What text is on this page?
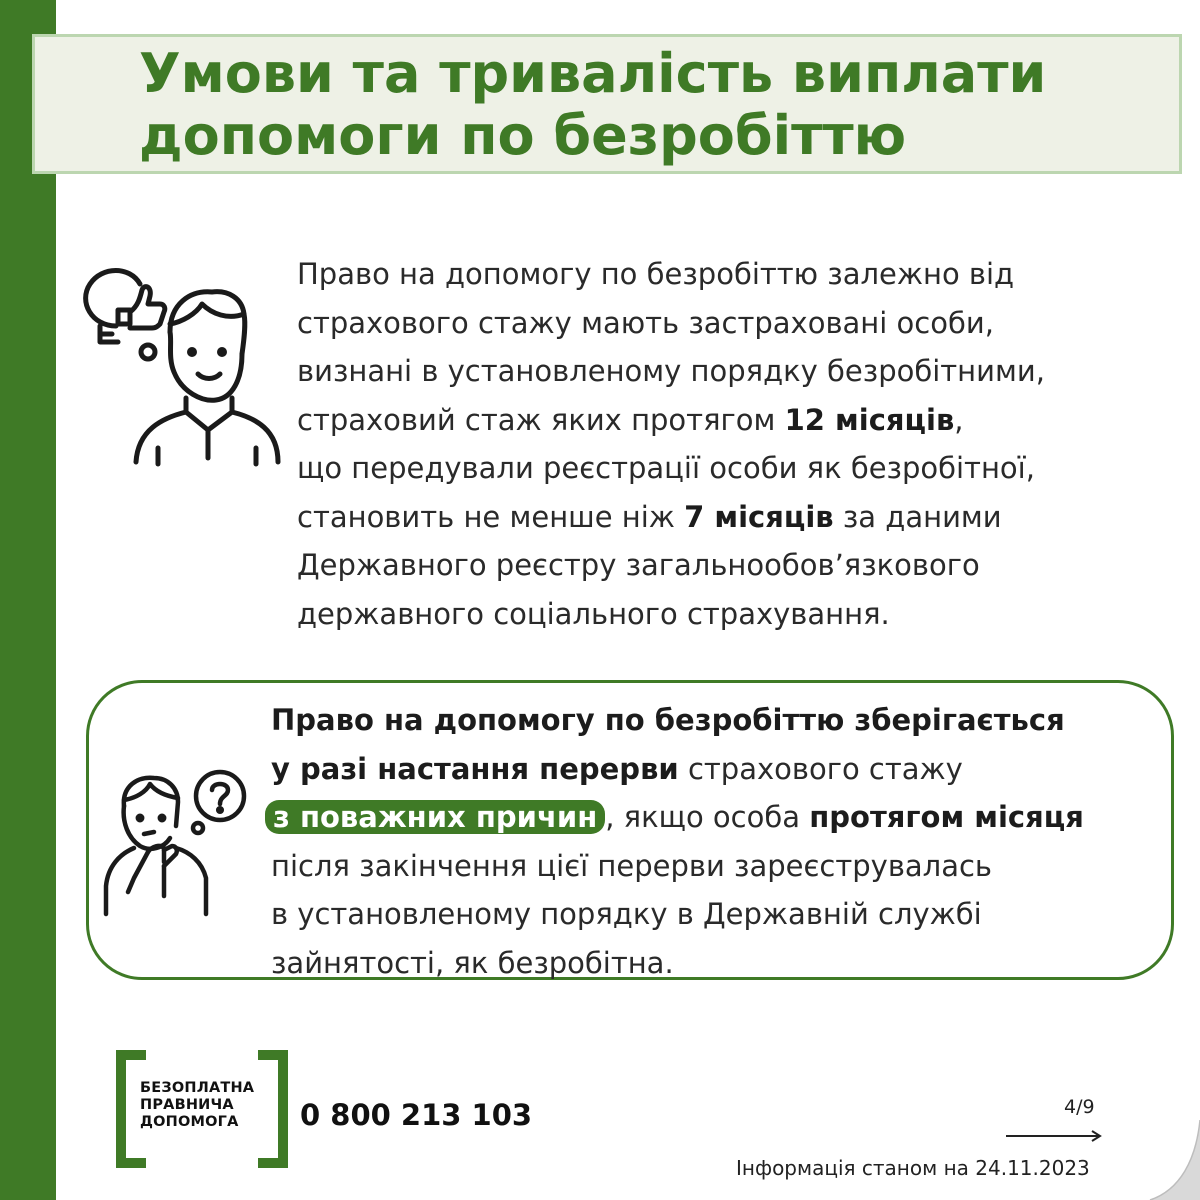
Умови та тривалість виплати
допомоги по безробіттю

Право на допомогу по безробіттю залежно від
страхового стажу мають застраховані особи,
визнані в установленому порядку безробітними,
страховий стаж яких протягом 12 місяців,
що передували реєстрації особи як безробітної,
становить не менше ніж 7 місяців за даними
Державного реєстру загальнообов’язкового
державного соціального страхування.

Право на допомогу по безробіттю зберігається
у разі настання перерви страхового стажу
з поважних причин , якщо особа протягом місяця
після закінчення цієї перерви зареєструвалась
в установленому порядку в Державній службі
зайнятості, як безробітна.

БЕЗОПЛАТНА
ПРАВНИЧА
ДОПОМОГА	0 800 213 103	4/9
Інформація станом на 24.11.2023
